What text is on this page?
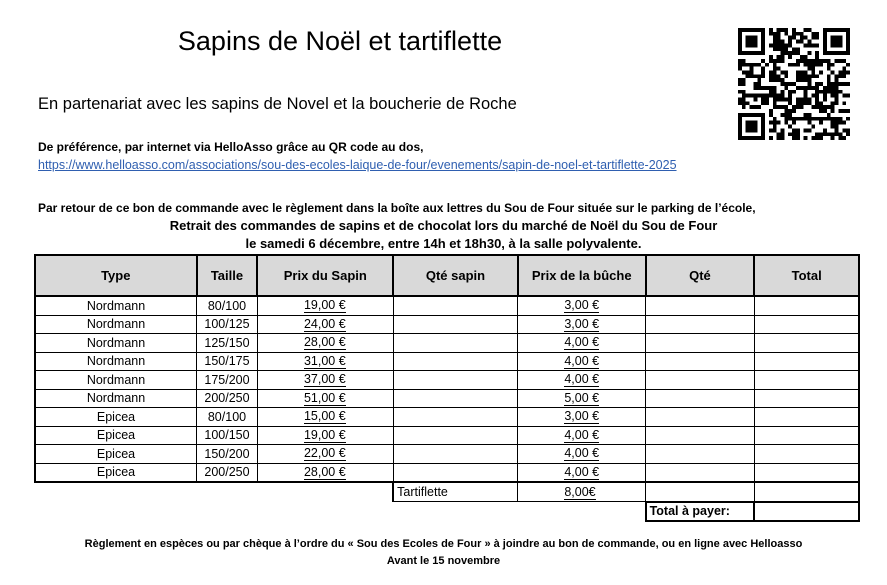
Sapins de Noël et tartiflette
En partenariat avec les sapins de Novel et la boucherie de Roche
De préférence, par internet via HelloAsso grâce au QR code au dos,
https://www.helloasso.com/associations/sou-des-ecoles-laique-de-four/evenements/sapin-de-noel-et-tartiflette-2025
Par retour de ce bon de commande avec le règlement dans la boîte aux lettres du Sou de Four située sur le parking de l’école,
Retrait des commandes de sapins et de chocolat lors du marché de Noël du Sou de Four
le samedi 6 décembre, entre 14h et 18h30, à la salle polyvalente.
Type	Taille	Prix du Sapin	Qté sapin	Prix de la bûche	Qté	Total
Nordmann	80/100	19,00 €		3,00 €		
Nordmann	100/125	24,00 €		3,00 €		
Nordmann	125/150	28,00 €		4,00 €		
Nordmann	150/175	31,00 €		4,00 €		
Nordmann	175/200	37,00 €		4,00 €		
Nordmann	200/250	51,00 €		5,00 €		
Epicea	80/100	15,00 €		3,00 €		
Epicea	100/150	19,00 €		4,00 €		
Epicea	150/200	22,00 €		4,00 €		
Epicea	200/250	28,00 €		4,00 €		
			Tartiflette	8,00€		
					Total à payer:	
Règlement en espèces ou par chèque à l’ordre du « Sou des Ecoles de Four » à joindre au bon de commande, ou en ligne avec Helloasso
Avant le 15 novembre
